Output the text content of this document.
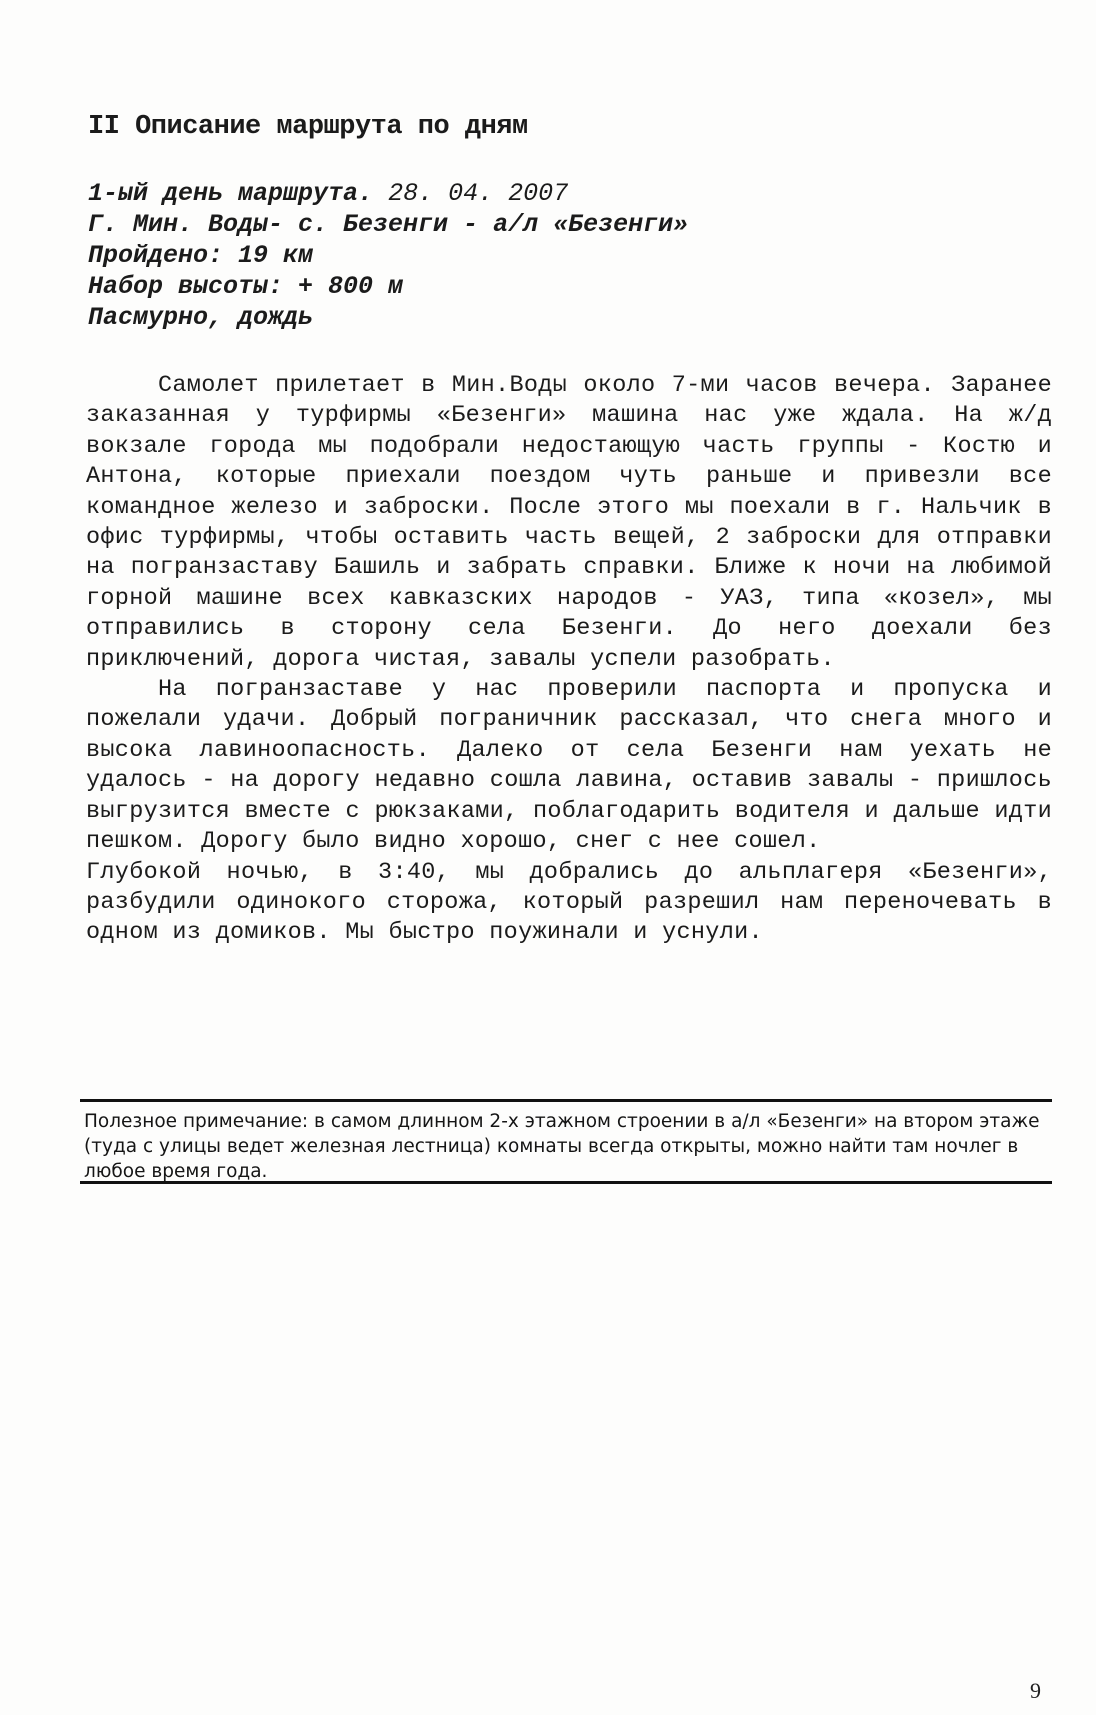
II Описание маршрута по дням
1-ый день маршрута. 28. 04. 2007
Г. Мин. Воды- с. Безенги - а/л «Безенги»
Пройдено: 19 км
Набор высоты: + 800 м
Пасмурно, дождь

Самолет прилетает в Мин.Воды около 7-ми часов вечера. Заранее заказанная у турфирмы «Безенги» машина нас уже ждала. На ж/д вокзале города мы подобрали недостающую часть группы - Костю и Антона, которые приехали поездом чуть раньше и привезли все командное железо и заброски. После этого мы поехали в г. Нальчик в офис турфирмы, чтобы оставить часть вещей, 2 заброски для отправки на погранзаставу Башиль и забрать справки. Ближе к ночи на любимой горной машине всех кавказских народов - УАЗ, типа «козел», мы отправились в сторону села Безенги. До него доехали без приключений, дорога чистая, завалы успели разобрать.

На погранзаставе у нас проверили паспорта и пропуска и пожелали удачи. Добрый пограничник рассказал, что снега много и высока лавиноопасность. Далеко от села Безенги нам уехать не удалось - на дорогу недавно сошла лавина, оставив завалы - пришлось выгрузится вместе с рюкзаками, поблагодарить водителя и дальше идти пешком. Дорогу было видно хорошо, снег с нее сошел.

Глубокой ночью, в 3:40, мы добрались до альплагеря «Безенги», разбудили одинокого сторожа, который разрешил нам переночевать в одном из домиков. Мы быстро поужинали и уснули.

Полезное примечание: в самом длинном 2-х этажном строении в а/л «Безенги» на втором этаже (туда с улицы ведет железная лестница) комнаты всегда открыты, можно найти там ночлег в любое время года.
9
